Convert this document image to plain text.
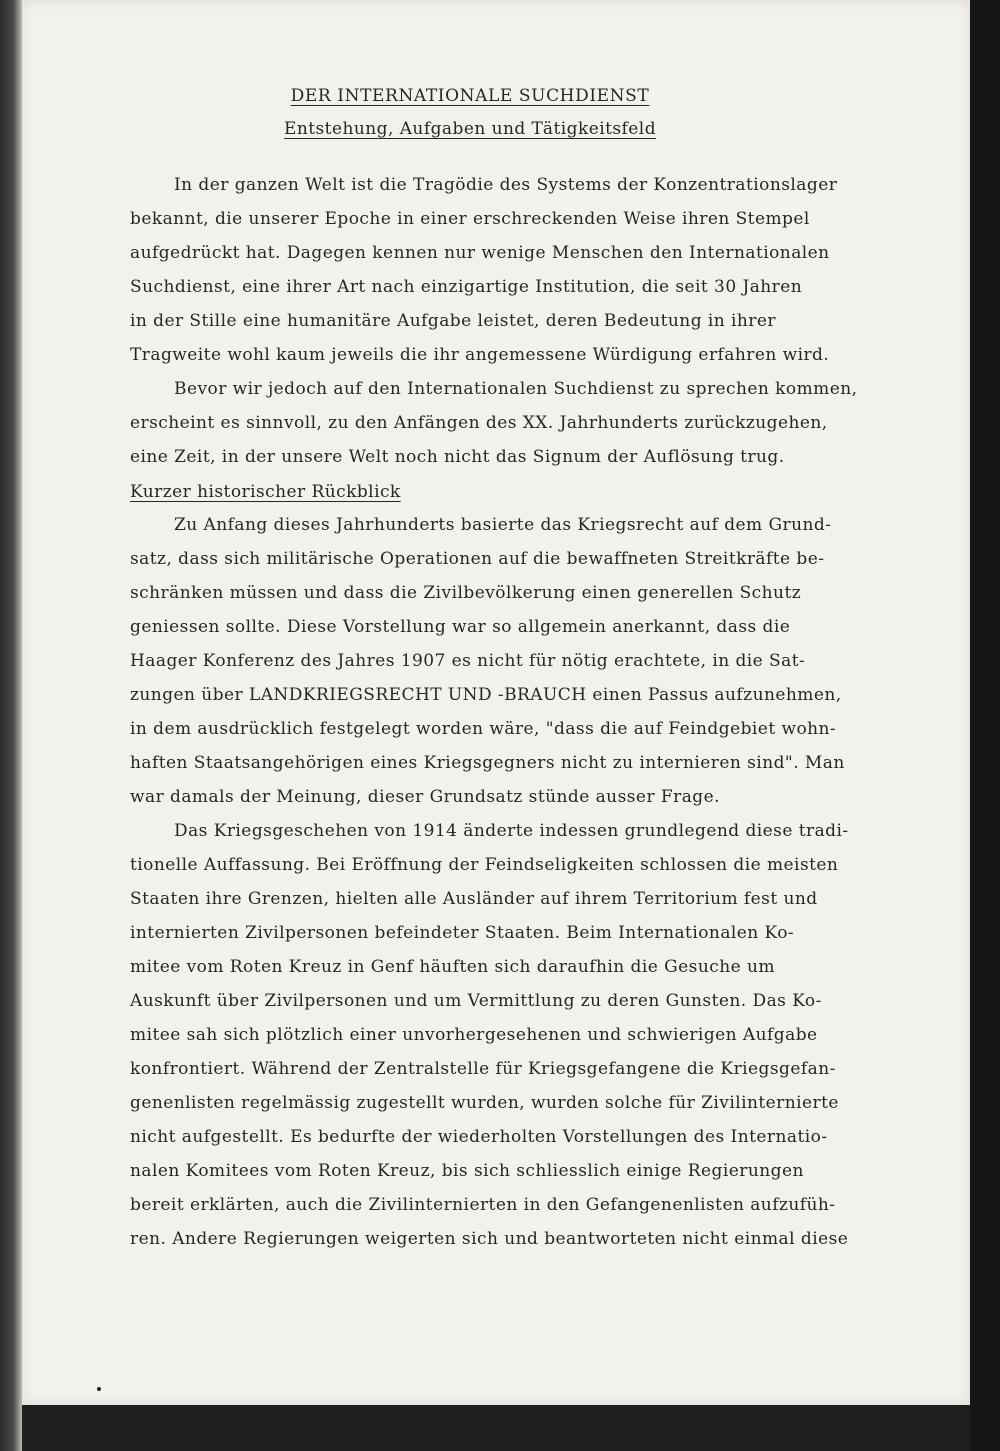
DER INTERNATIONALE SUCHDIENST
Entstehung, Aufgaben und Tätigkeitsfeld
In der ganzen Welt ist die Tragödie des Systems der Konzentrationslager
bekannt, die unserer Epoche in einer erschreckenden Weise ihren Stempel
aufgedrückt hat. Dagegen kennen nur wenige Menschen den Internationalen
Suchdienst, eine ihrer Art nach einzigartige Institution, die seit 30 Jahren
in der Stille eine humanitäre Aufgabe leistet, deren Bedeutung in ihrer
Tragweite wohl kaum jeweils die ihr angemessene Würdigung erfahren wird.
Bevor wir jedoch auf den Internationalen Suchdienst zu sprechen kommen,
erscheint es sinnvoll, zu den Anfängen des XX. Jahrhunderts zurückzugehen,
eine Zeit, in der unsere Welt noch nicht das Signum der Auflösung trug.
Kurzer historischer Rückblick
Zu Anfang dieses Jahrhunderts basierte das Kriegsrecht auf dem Grund-
satz, dass sich militärische Operationen auf die bewaffneten Streitkräfte be-
schränken müssen und dass die Zivilbevölkerung einen generellen Schutz
geniessen sollte. Diese Vorstellung war so allgemein anerkannt, dass die
Haager Konferenz des Jahres 1907 es nicht für nötig erachtete, in die Sat-
zungen über LANDKRIEGSRECHT UND -BRAUCH einen Passus aufzunehmen,
in dem ausdrücklich festgelegt worden wäre, "dass die auf Feindgebiet wohn-
haften Staatsangehörigen eines Kriegsgegners nicht zu internieren sind". Man
war damals der Meinung, dieser Grundsatz stünde ausser Frage.
Das Kriegsgeschehen von 1914 änderte indessen grundlegend diese tradi-
tionelle Auffassung. Bei Eröffnung der Feindseligkeiten schlossen die meisten
Staaten ihre Grenzen, hielten alle Ausländer auf ihrem Territorium fest und
internierten Zivilpersonen befeindeter Staaten. Beim Internationalen Ko-
mitee vom Roten Kreuz in Genf häuften sich daraufhin die Gesuche um
Auskunft über Zivilpersonen und um Vermittlung zu deren Gunsten. Das Ko-
mitee sah sich plötzlich einer unvorhergesehenen und schwierigen Aufgabe
konfrontiert. Während der Zentralstelle für Kriegsgefangene die Kriegsgefan-
genenlisten regelmässig zugestellt wurden, wurden solche für Zivilinternierte
nicht aufgestellt. Es bedurfte der wiederholten Vorstellungen des Internatio-
nalen Komitees vom Roten Kreuz, bis sich schliesslich einige Regierungen
bereit erklärten, auch die Zivilinternierten in den Gefangenenlisten aufzufüh-
ren. Andere Regierungen weigerten sich und beantworteten nicht einmal diese
